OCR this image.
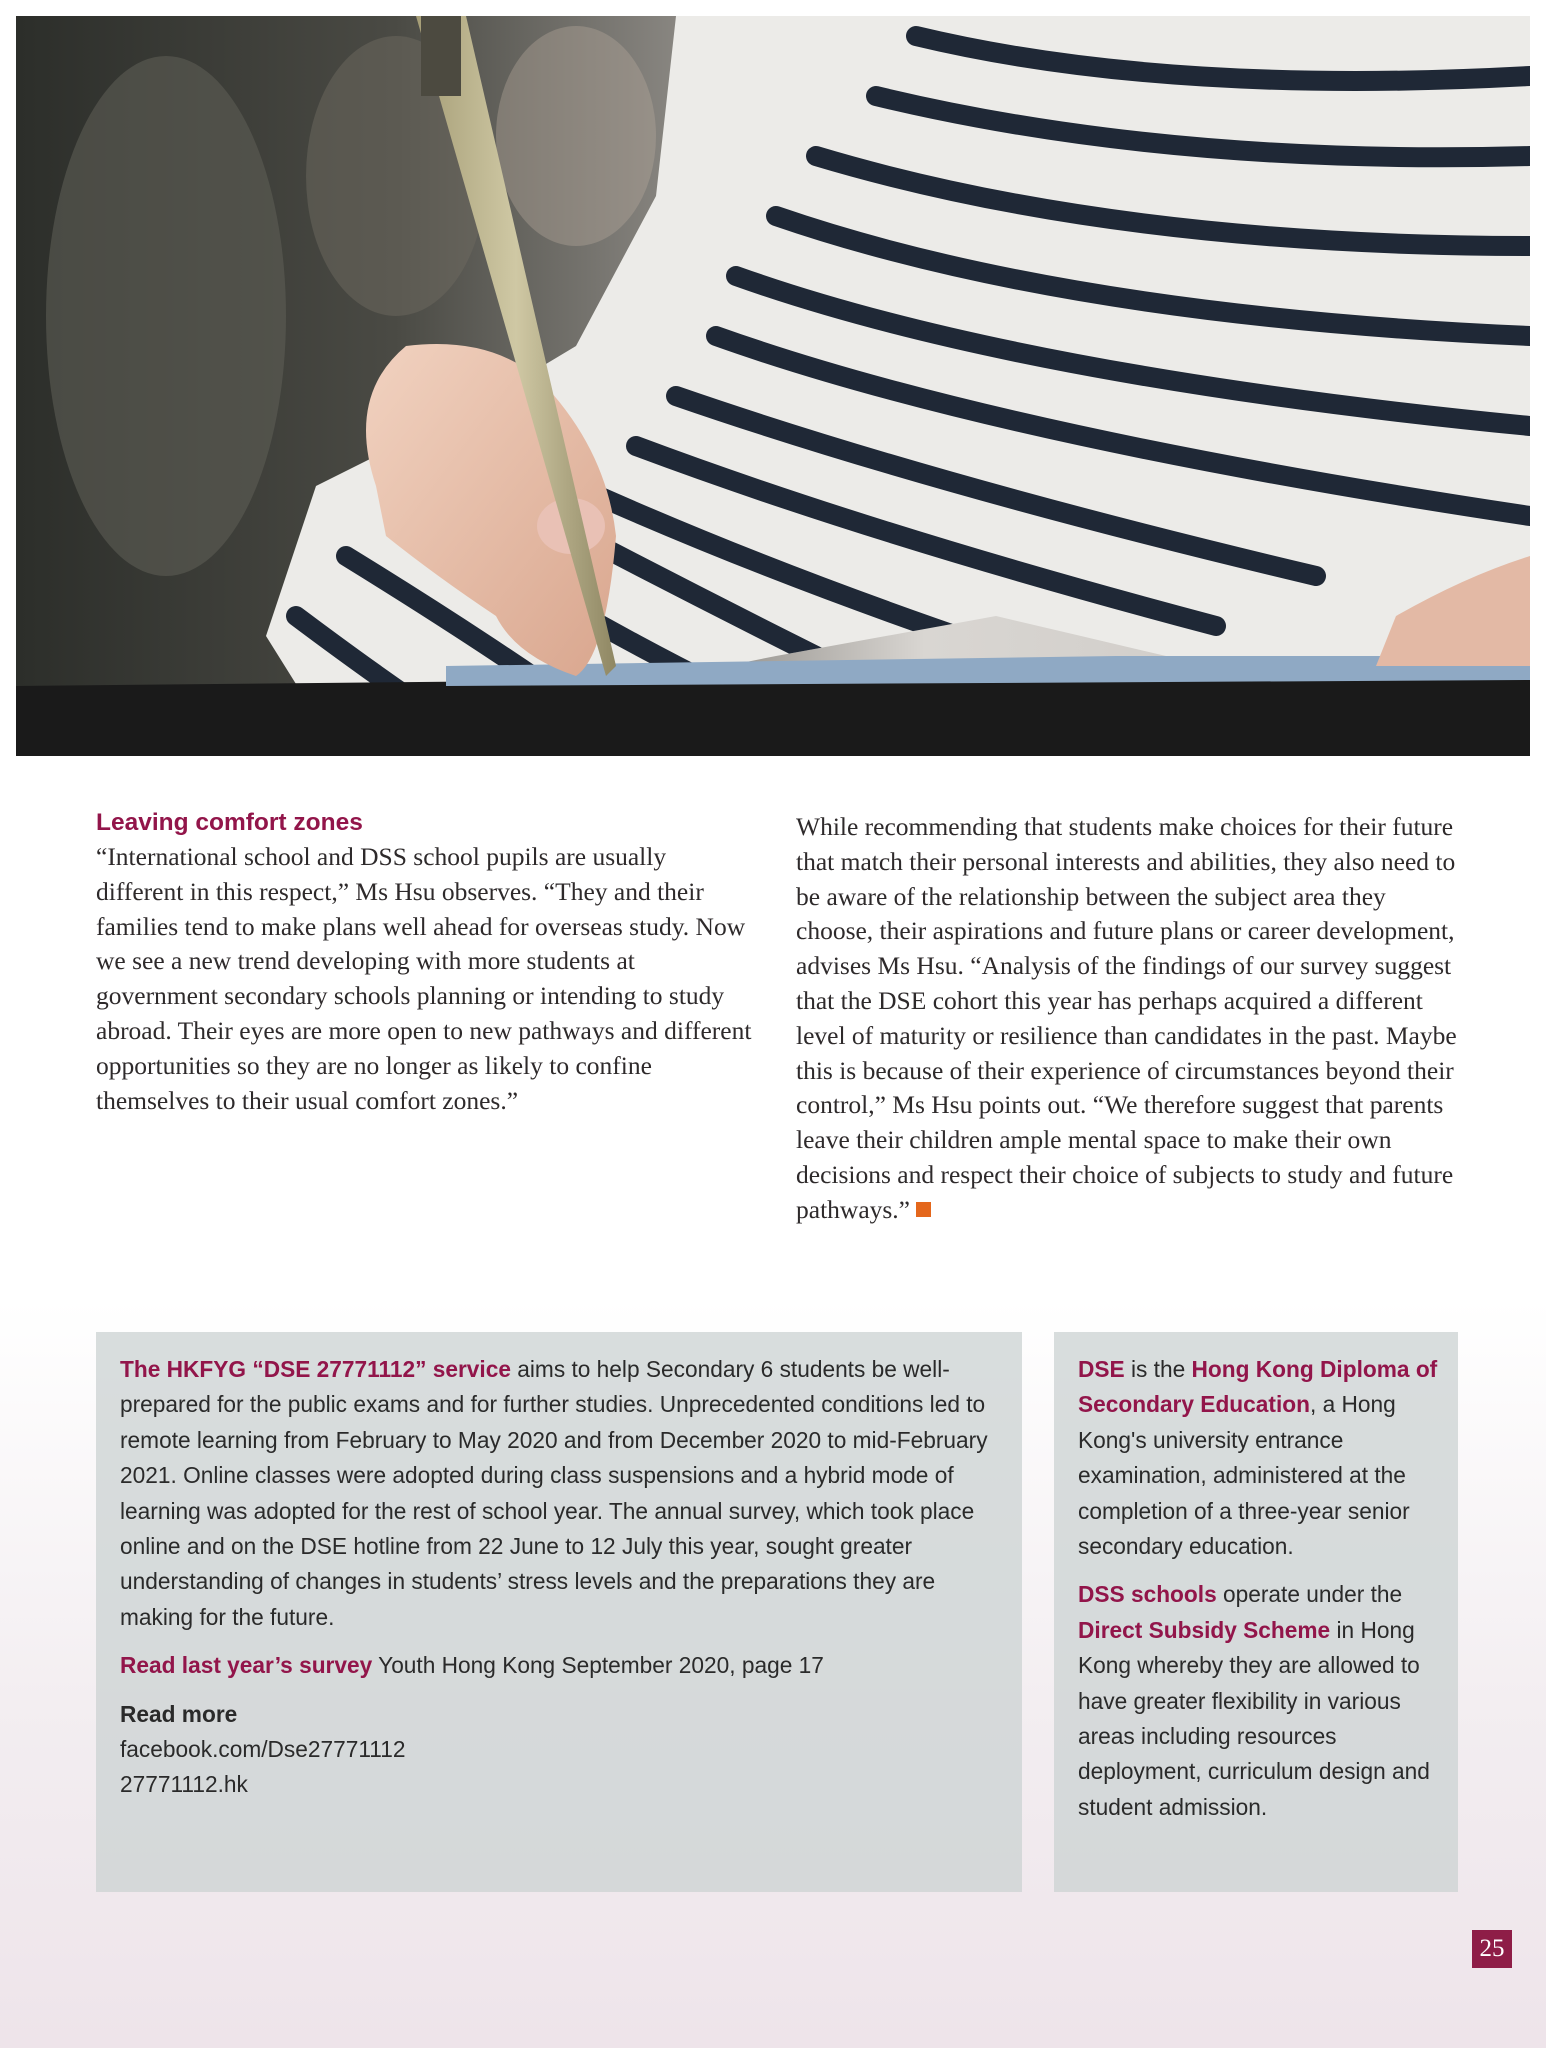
Leaving comfort zones

“International school and DSS school pupils are usually different in this respect,” Ms Hsu observes. “They and their families tend to make plans well ahead for overseas study. Now we see a new trend developing with more students at government secondary schools planning or intending to study abroad. Their eyes are more open to new pathways and different opportunities so they are no longer as likely to confine themselves to their usual comfort zones.”

While recommending that students make choices for their future that match their personal interests and abilities, they also need to be aware of the relationship between the subject area they choose, their aspirations and future plans or career development, advises Ms Hsu. “Analysis of the findings of our survey suggest that the DSE cohort this year has perhaps acquired a different level of maturity or resilience than candidates in the past. Maybe this is because of their experience of circumstances beyond their control,” Ms Hsu points out. “We therefore suggest that parents leave their children ample mental space to make their own decisions and respect their choice of subjects to study and future pathways.”

The HKFYG “DSE 27771112” service aims to help Secondary 6 students be well-prepared for the public exams and for further studies. Unprecedented conditions led to remote learning from February to May 2020 and from December 2020 to mid-February 2021. Online classes were adopted during class suspensions and a hybrid mode of learning was adopted for the rest of school year. The annual survey, which took place online and on the DSE hotline from 22 June to 12 July this year, sought greater understanding of changes in students’ stress levels and the preparations they are making for the future.

Read last year’s survey Youth Hong Kong September 2020, page 17

Read more

facebook.com/Dse27771112

27771112.hk

DSE is the Hong Kong Diploma of Secondary Education, a Hong Kong's university entrance examination, administered at the completion of a three-year senior secondary education.

DSS schools operate under the Direct Subsidy Scheme in Hong Kong whereby they are allowed to have greater flexibility in various areas including resources deployment, curriculum design and student admission.

25
